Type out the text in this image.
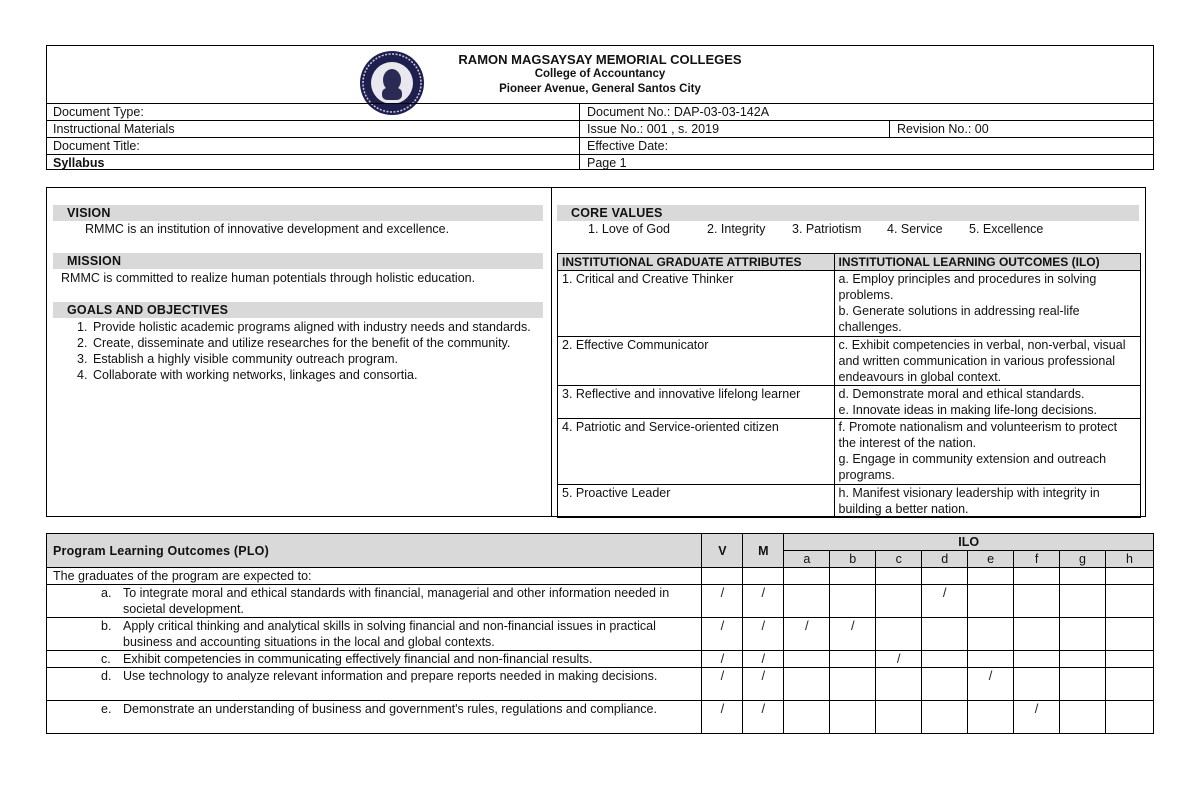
RAMON MAGSAYSAY MEMORIAL COLLEGES
College of Accountancy
Pioneer Avenue, General Santos City
Document Type:	Document No.: DAP-03-03-142A
Instructional Materials	Issue No.: 001 , s. 2019	Revision No.: 00
Document Title:	Effective Date:
Syllabus	Page 1
VISION
RMMC is an institution of innovative development and excellence.
MISSION
RMMC is committed to realize human potentials through holistic education.
GOALS AND OBJECTIVES
1. Provide holistic academic programs aligned with industry needs and standards.
2. Create, disseminate and utilize researches for the benefit of the community.
3. Establish a highly visible community outreach program.
4. Collaborate with working networks, linkages and consortia.
CORE VALUES
1. Love of God	2. Integrity 3. Patriotism 4. Service 5. Excellence
INSTITUTIONAL GRADUATE ATTRIBUTES	INSTITUTIONAL LEARNING OUTCOMES (ILO)
1. Critical and Creative Thinker	a. Employ principles and procedures in solving problems.
b. Generate solutions in addressing real-life challenges.
2. Effective Communicator	c. Exhibit competencies in verbal, non-verbal, visual and written communication in various professional endeavours in global context.
3. Reflective and innovative lifelong learner	d. Demonstrate moral and ethical standards.
e. Innovate ideas in making life-long decisions.
4. Patriotic and Service-oriented citizen	f. Promote nationalism and volunteerism to protect the interest of the nation.
g. Engage in community extension and outreach programs.
5. Proactive Leader	h. Manifest visionary leadership with integrity in building a better nation.
Program Learning Outcomes (PLO)	V	M	ILO							
			a	b	c	d	e	f	g	h
The graduates of the program are expected to:										

a. To integrate moral and ethical standards with financial, managerial and other information needed in societal development.	/	/				/				

b. Apply critical thinking and analytical skills in solving financial and non-financial issues in practical business and accounting situations in the local and global contexts.	/	/	/	/						

c. Exhibit competencies in communicating effectively financial and non-financial results.	/	/			/					

d. Use technology to analyze relevant information and prepare reports needed in making decisions.	/	/					/			

e. Demonstrate an understanding of business and government's rules, regulations and compliance.	/	/						/		
